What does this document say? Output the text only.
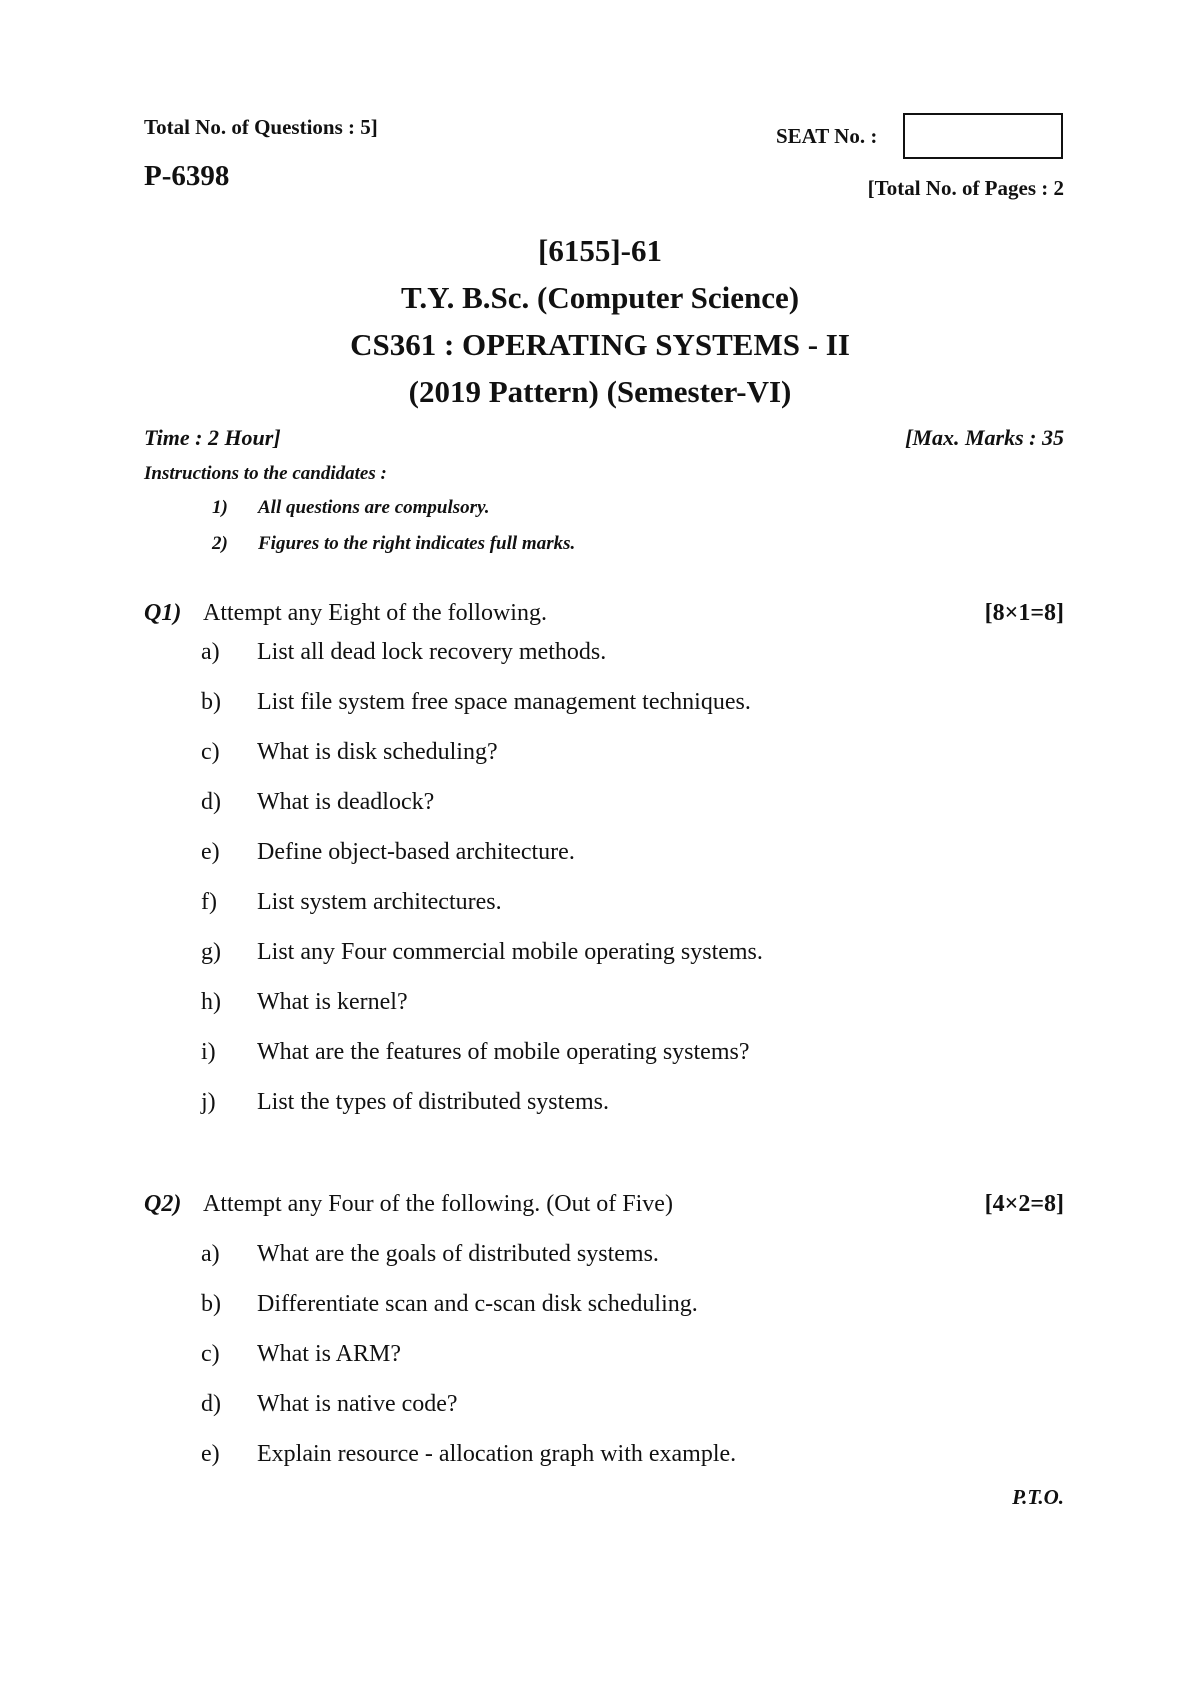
Total No. of Questions : 5]
P-6398
SEAT No. :
[Total No. of Pages : 2
[6155]-61
T.Y. B.Sc. (Computer Science)
CS361 : OPERATING SYSTEMS - II
(2019 Pattern) (Semester-VI)
Time : 2 Hour]	[Max. Marks : 35
Instructions to the candidates :
1) All questions are compulsory.
2) Figures to the right indicates full marks.
Q1) Attempt any Eight of the following.	[8×1=8]
a) List all dead lock recovery methods.
b) List file system free space management techniques.
c) What is disk scheduling?
d) What is deadlock?
e) Define object-based architecture.
f) List system architectures.
g) List any Four commercial mobile operating systems.
h) What is kernel?
i) What are the features of mobile operating systems?
j) List the types of distributed systems.
Q2) Attempt any Four of the following. (Out of Five)	[4×2=8]
a) What are the goals of distributed systems.
b) Differentiate scan and c-scan disk scheduling.
c) What is ARM?
d) What is native code?
e) Explain resource - allocation graph with example.
P.T.O.
